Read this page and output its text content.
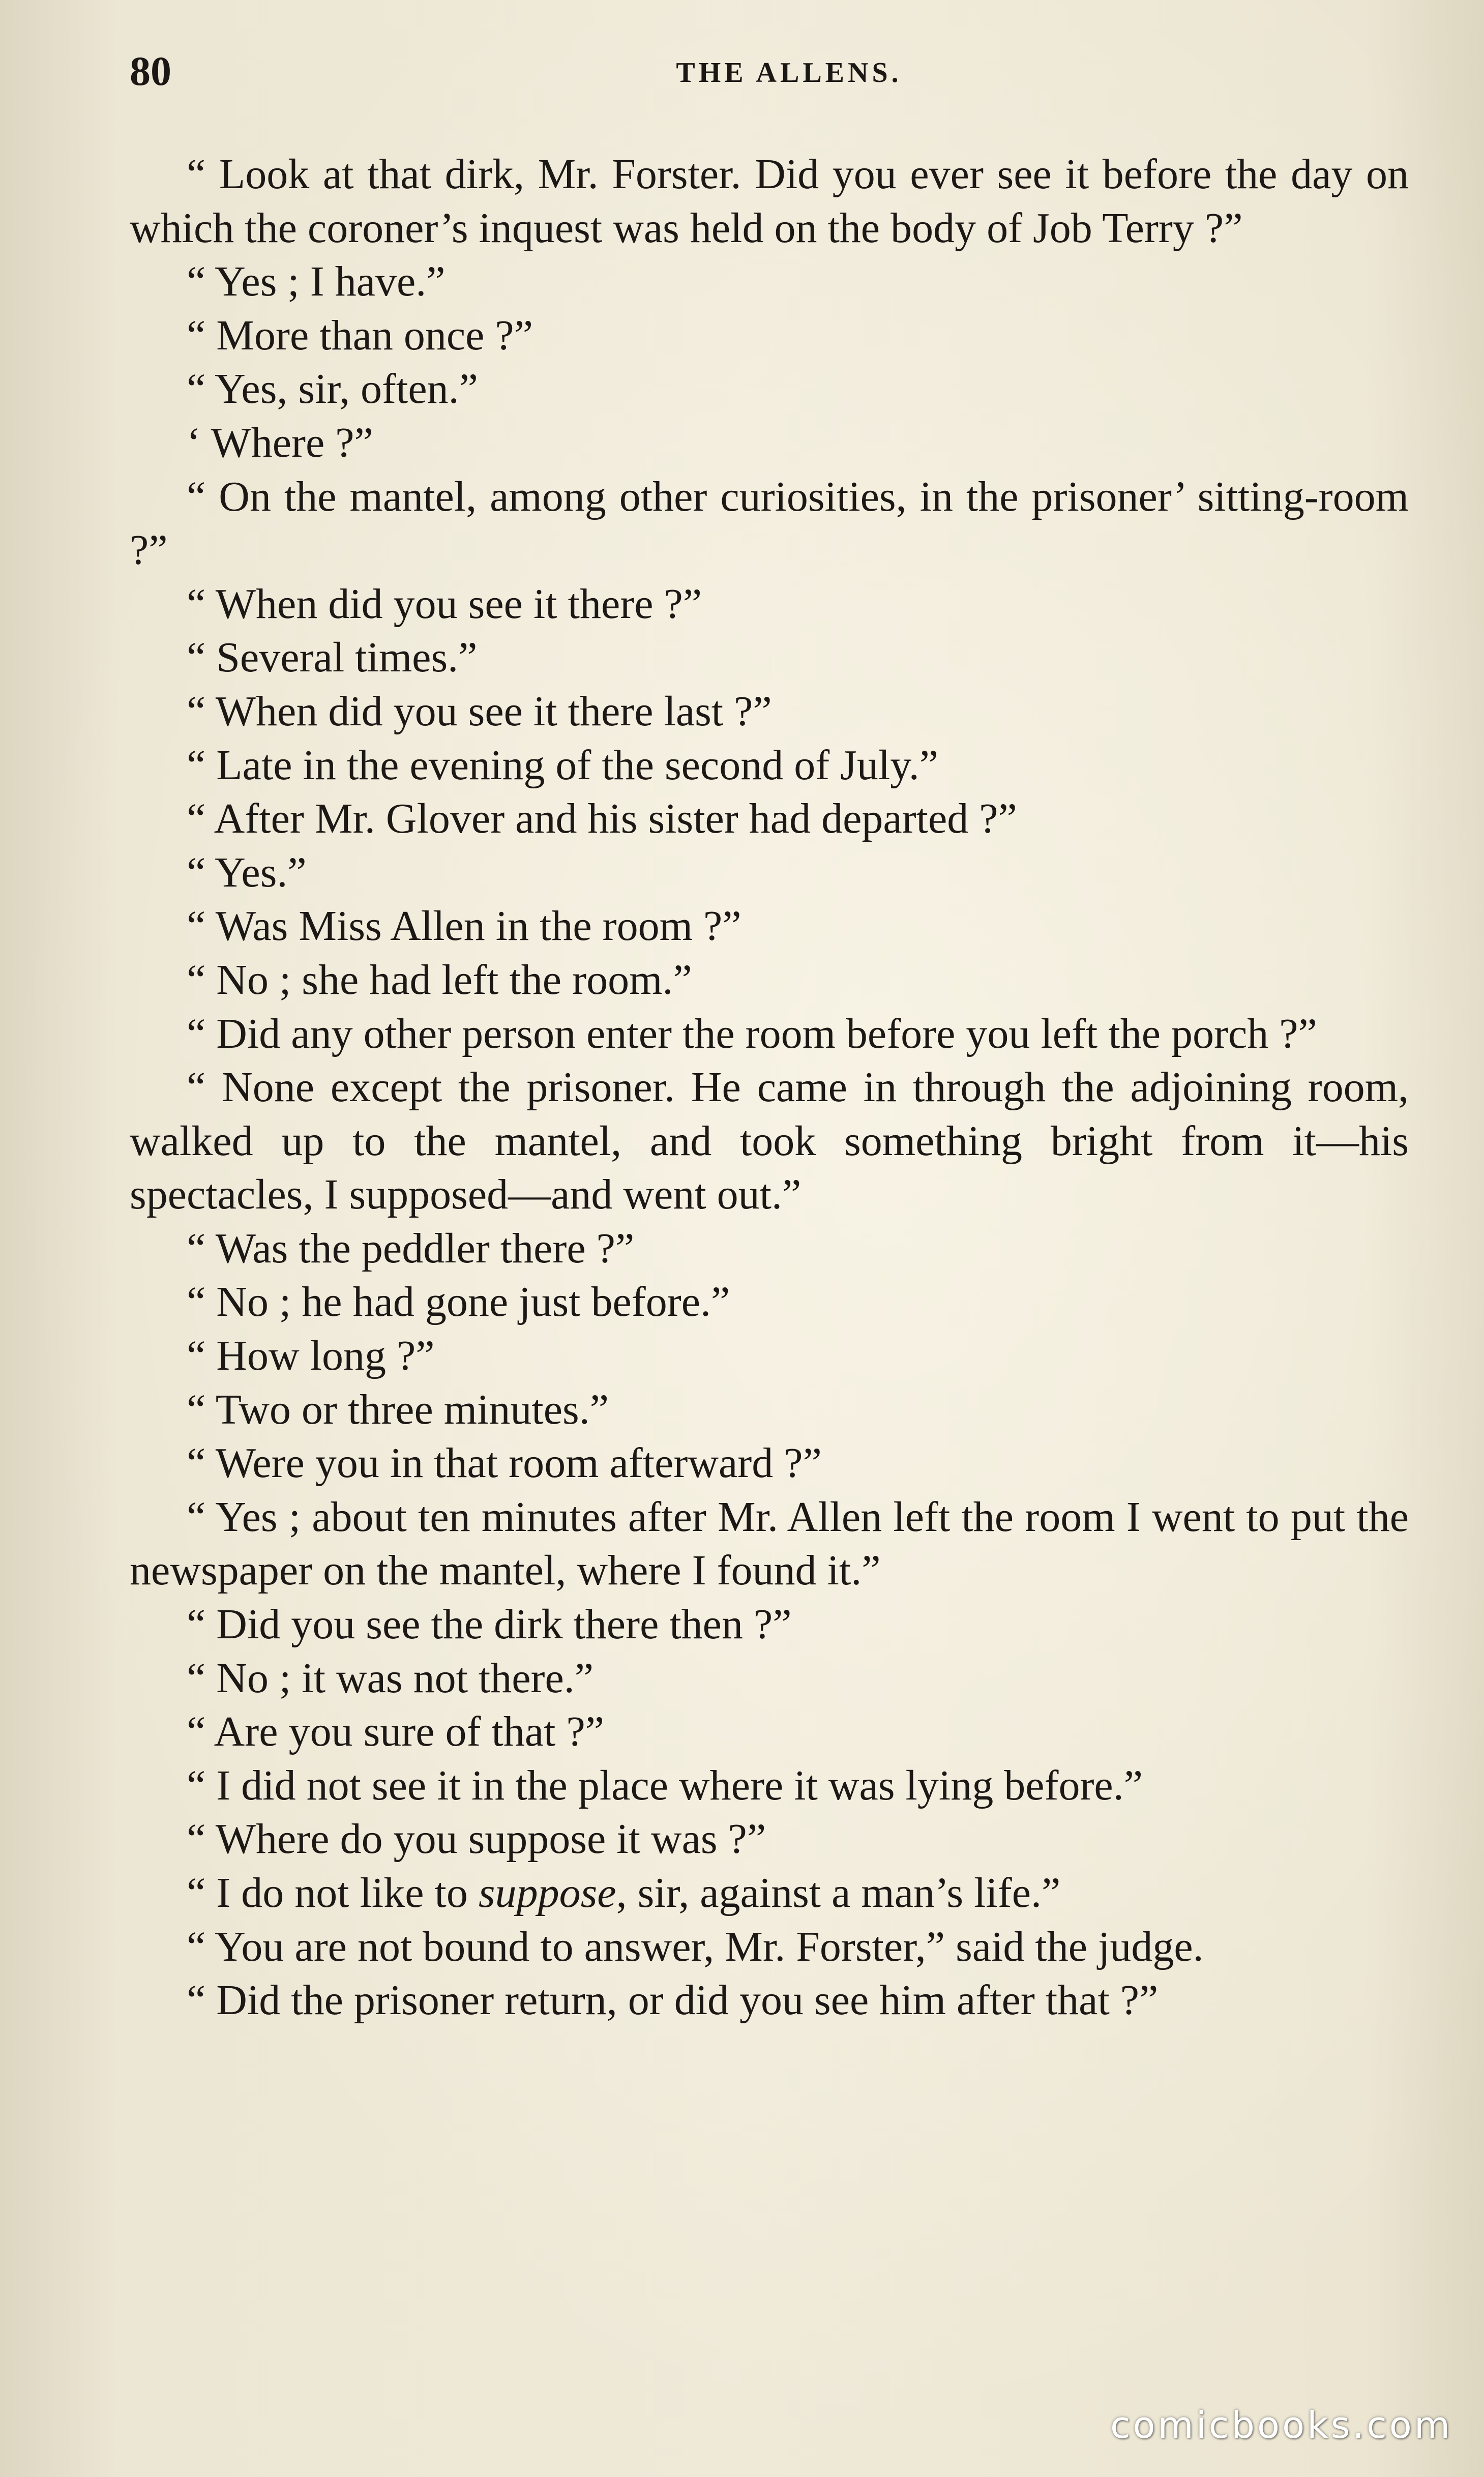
80	THE ALLENS.

“ Look at that dirk, Mr. Forster. Did you ever see it before the day on which the coroner’s inquest was held on the body of Job Terry ?”

“ Yes ; I have.”

“ More than once ?”

“ Yes, sir, often.”

‘ Where ?”

“ On the mantel, among other curiosities, in the prisoner’ sitting-room ?”

“ When did you see it there ?”

“ Several times.”

“ When did you see it there last ?”

“ Late in the evening of the second of July.”

“ After Mr. Glover and his sister had departed ?”

“ Yes.”

“ Was Miss Allen in the room ?”

“ No ; she had left the room.”

“ Did any other person enter the room before you left the porch ?”

“ None except the prisoner. He came in through the adjoining room, walked up to the mantel, and took something bright from it—his spectacles, I supposed—and went out.”

“ Was the peddler there ?”

“ No ; he had gone just before.”

“ How long ?”

“ Two or three minutes.”

“ Were you in that room afterward ?”

“ Yes ; about ten minutes after Mr. Allen left the room I went to put the newspaper on the mantel, where I found it.”

“ Did you see the dirk there then ?”

“ No ; it was not there.”

“ Are you sure of that ?”

“ I did not see it in the place where it was lying before.”

“ Where do you suppose it was ?”

“ I do not like to suppose, sir, against a man’s life.”

“ You are not bound to answer, Mr. Forster,” said the judge.

“ Did the prisoner return, or did you see him after that ?”

comicbooks.com
